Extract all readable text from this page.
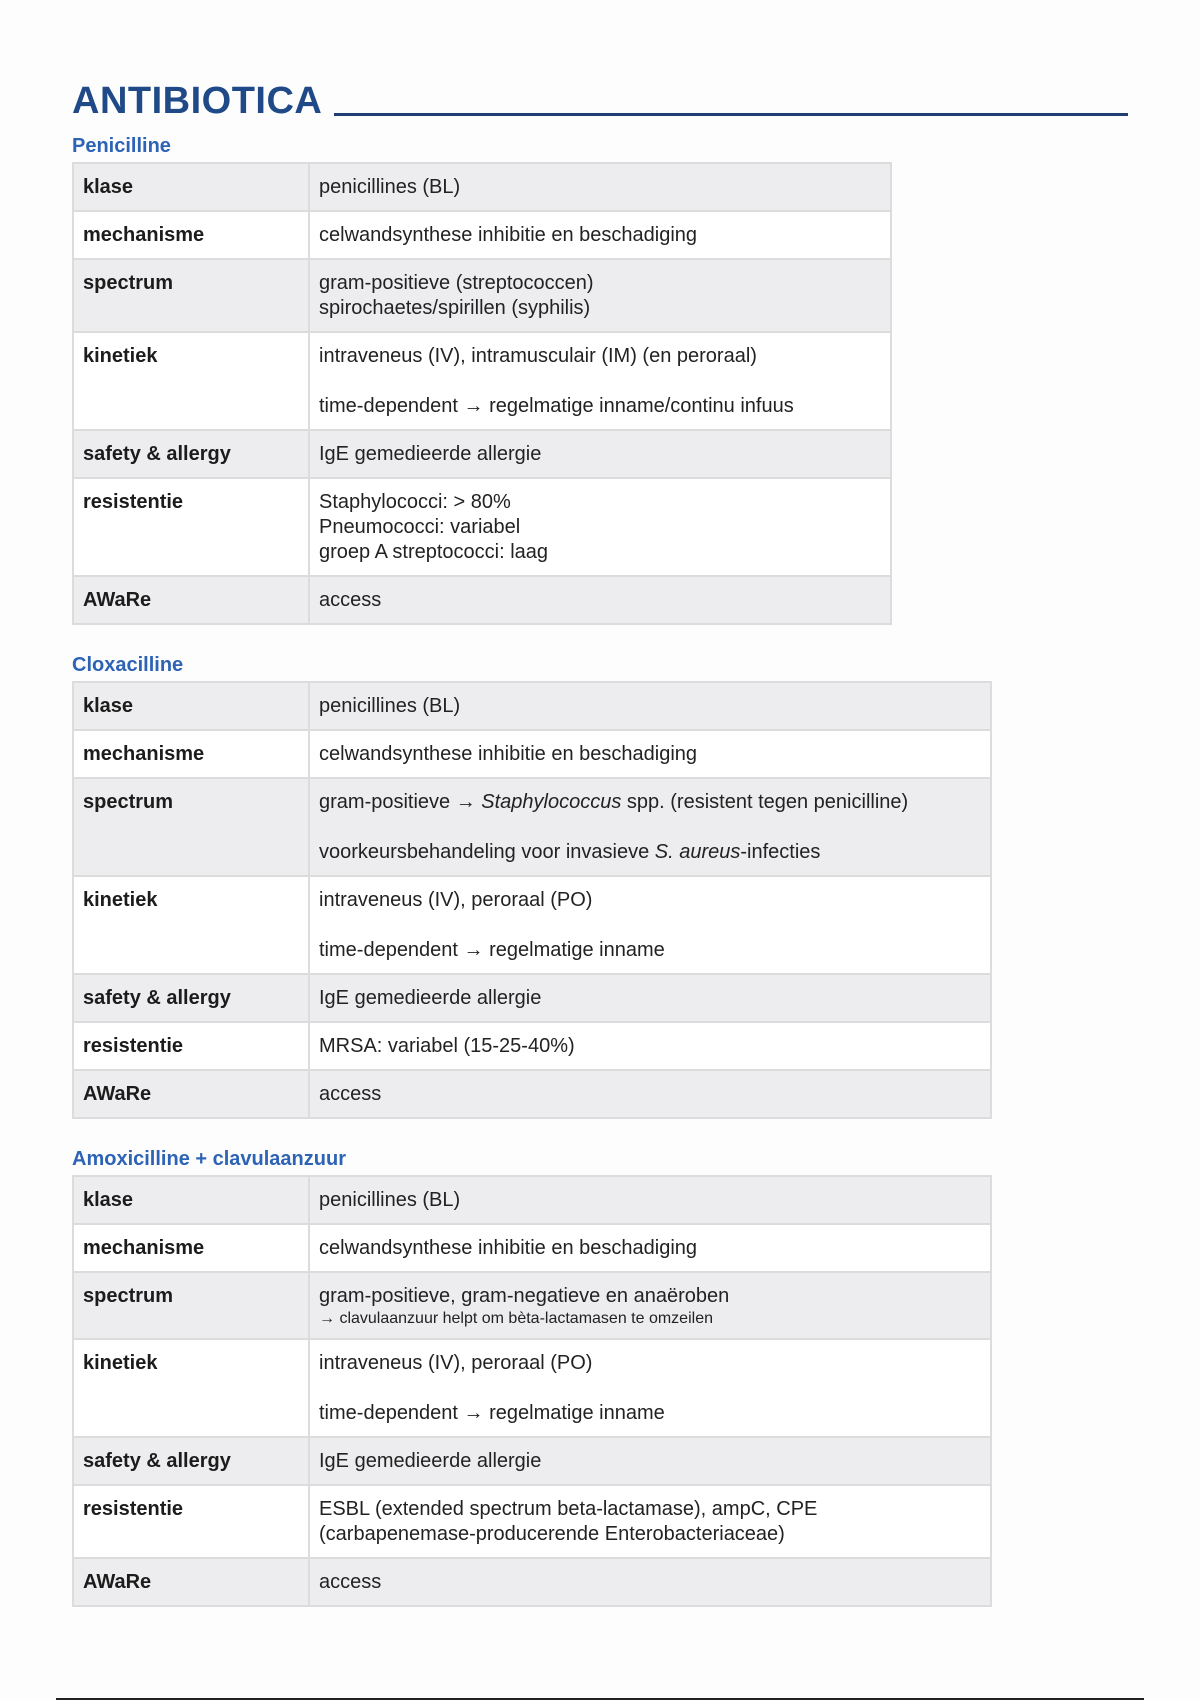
ANTIBIOTICA
Penicilline
klase	penicillines (BL)
mechanisme	celwandsynthese inhibitie en beschadiging
spectrum	gram-positieve (streptococcen)
spirochaetes/spirillen (syphilis)

kinetiek	intraveneus (IV), intramusculair (IM) (en peroraal)
time-dependent → regelmatige inname/continu infuus

safety & allergy	IgE gemedieerde allergie
resistentie	Staphylococci: > 80%
Pneumococci: variabel
groep A streptococci: laag

AWaRe	access
Cloxacilline
klase	penicillines (BL)
mechanisme	celwandsynthese inhibitie en beschadiging
spectrum	gram-positieve → Staphylococcus spp. (resistent tegen penicilline)
voorkeursbehandeling voor invasieve S. aureus-infecties

kinetiek	intraveneus (IV), peroraal (PO)
time-dependent → regelmatige inname

safety & allergy	IgE gemedieerde allergie
resistentie	MRSA: variabel (15-25-40%)
AWaRe	access
Amoxicilline + clavulaanzuur
klase	penicillines (BL)
mechanisme	celwandsynthese inhibitie en beschadiging
spectrum	gram-positieve, gram-negatieve en anaëroben
→ clavulaanzuur helpt om bèta-lactamasen te omzeilen

kinetiek	intraveneus (IV), peroraal (PO)
time-dependent → regelmatige inname

safety & allergy	IgE gemedieerde allergie
resistentie	ESBL (extended spectrum beta-lactamase), ampC, CPE
(carbapenemase-producerende Enterobacteriaceae)

AWaRe	access
